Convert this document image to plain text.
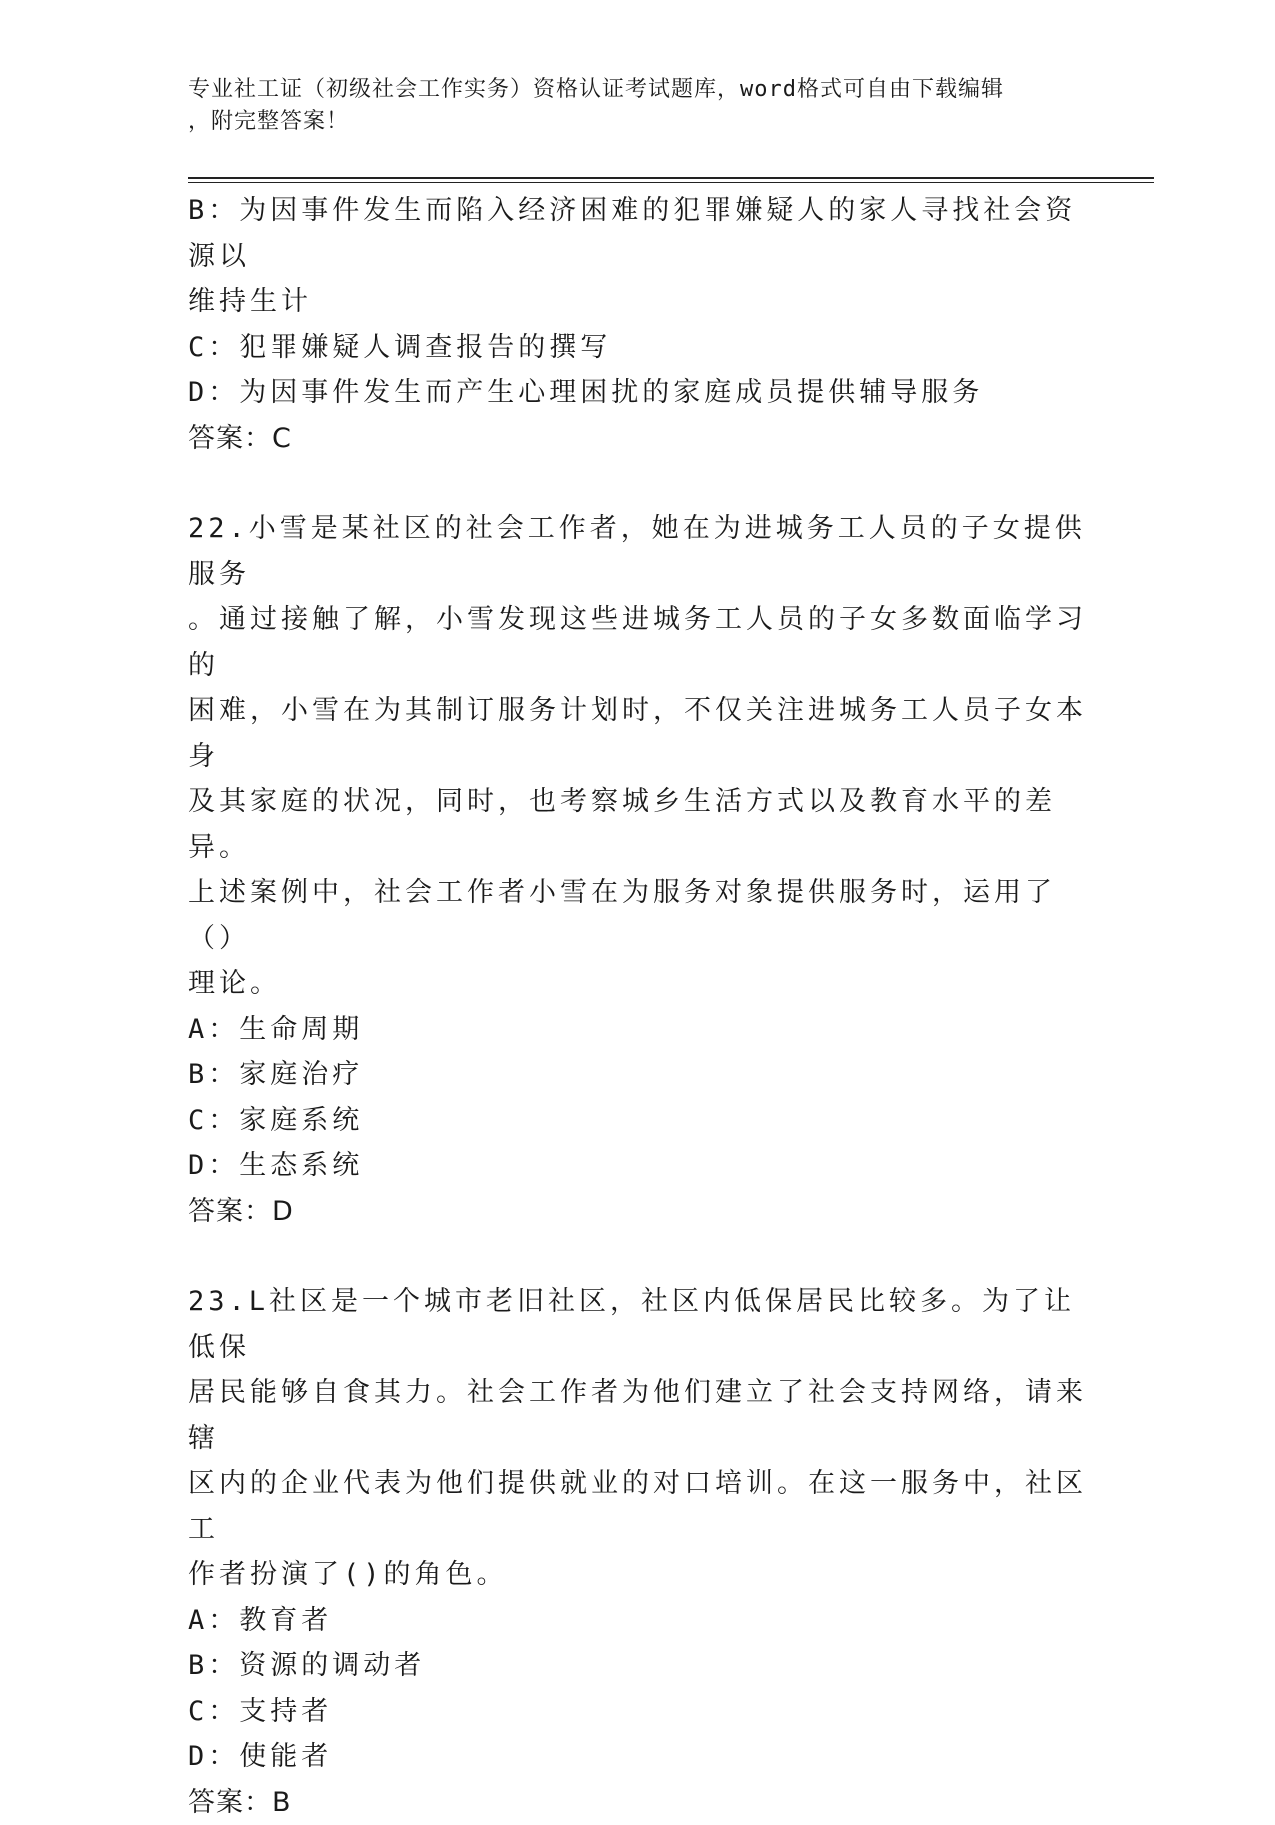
专业社工证（初级社会工作实务）资格认证考试题库，word格式可自由下载编辑
，附完整答案！
B：为因事件发生而陷入经济困难的犯罪嫌疑人的家人寻找社会资源以
维持生计
C：犯罪嫌疑人调查报告的撰写
D：为因事件发生而产生心理困扰的家庭成员提供辅导服务
答案：C
22.小雪是某社区的社会工作者，她在为进城务工人员的子女提供服务
。通过接触了解，小雪发现这些进城务工人员的子女多数面临学习的
困难，小雪在为其制订服务计划时，不仅关注进城务工人员子女本身
及其家庭的状况，同时，也考察城乡生活方式以及教育水平的差异。
上述案例中，社会工作者小雪在为服务对象提供服务时，运用了（）
理论。
A：生命周期
B：家庭治疗
C：家庭系统
D：生态系统
答案：D
23.L社区是一个城市老旧社区，社区内低保居民比较多。为了让低保
居民能够自食其力。社会工作者为他们建立了社会支持网络，请来辖
区内的企业代表为他们提供就业的对口培训。在这一服务中，社区工
作者扮演了()的角色。
A：教育者
B：资源的调动者
C：支持者
D：使能者
答案：B
